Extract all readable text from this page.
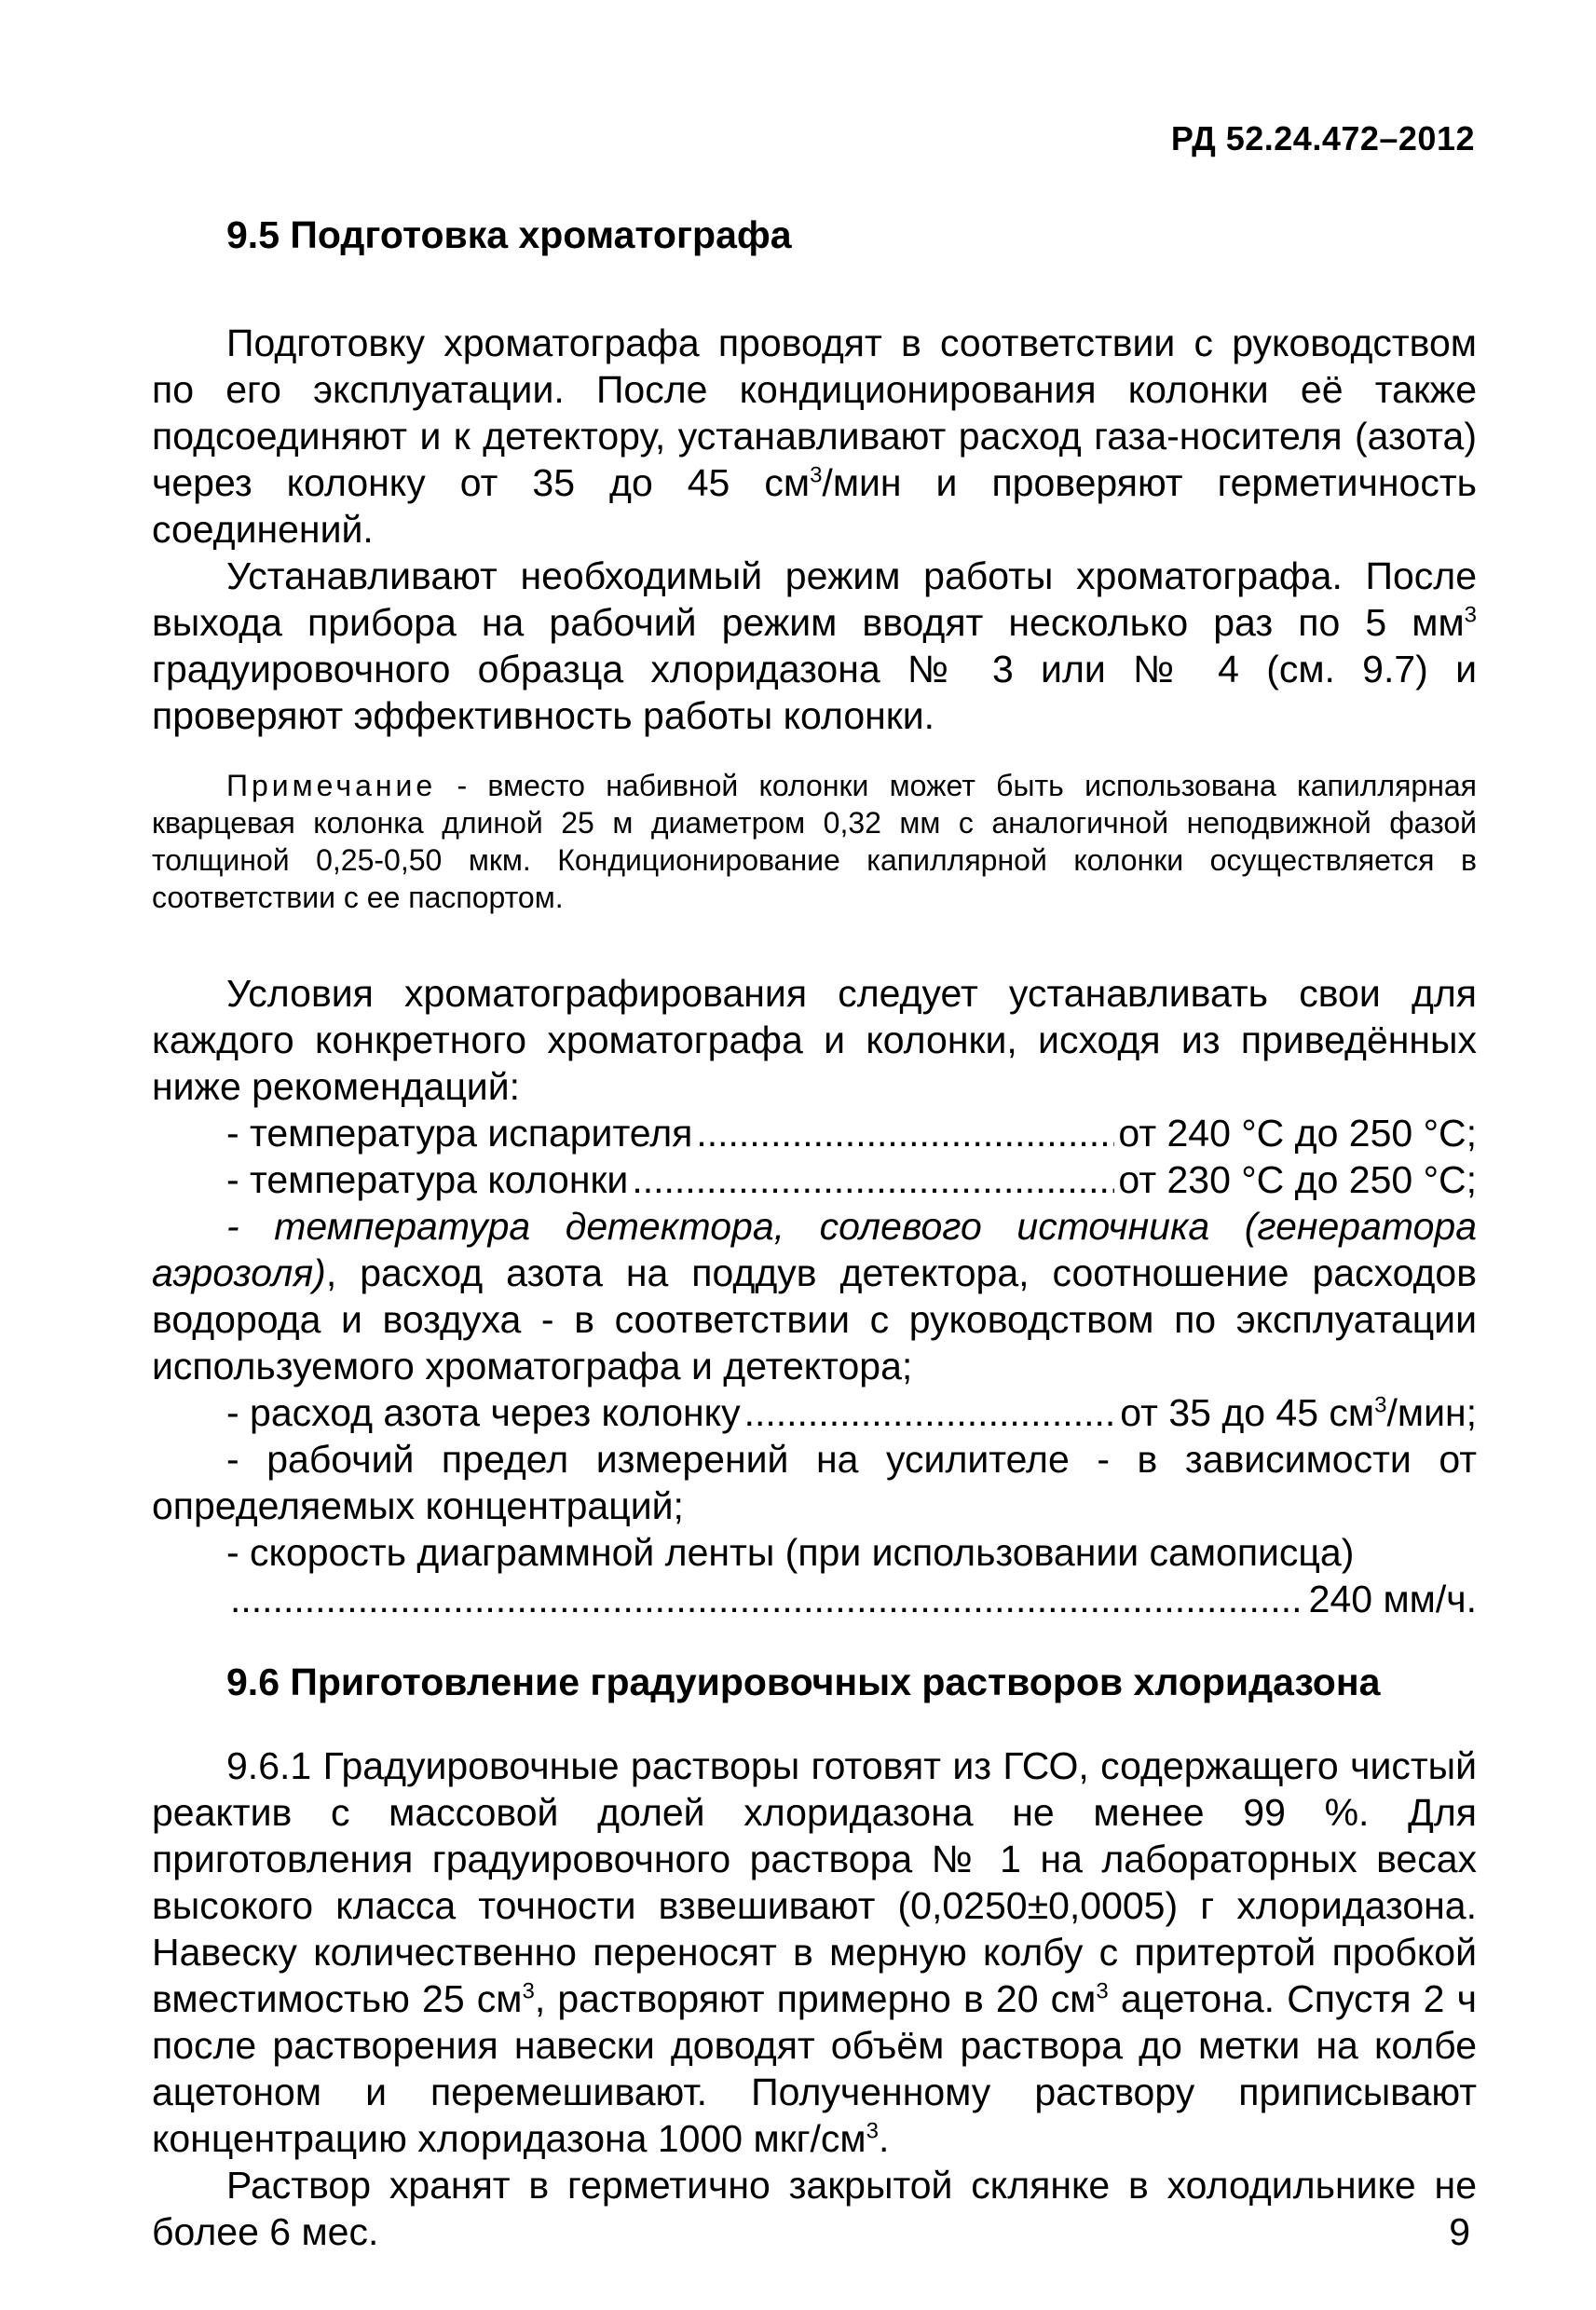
РД 52.24.472–2012
9.5 Подготовка хроматографа

Подготовку хроматографа проводят в соответствии с руководством по его эксплуатации. После кондиционирования колонки её также подсоединяют и к детектору, устанавливают расход газа-носителя (азота) через колонку от 35 до 45 $см^3$/мин и проверяют герметичность соединений.

Устанавливают необходимый режим работы хроматографа. После выхода прибора на рабочий режим вводят несколько раз по 5 $мм^3$ градуировочного образца хлоридазона № 3 или № 4 (см. 9.7) и проверяют эффективность работы колонки.

Примечание - вместо набивной колонки может быть использована капиллярная кварцевая колонка длиной 25 м диаметром 0,32 мм с аналогичной неподвижной фазой толщиной 0,25-0,50 мкм. Кондиционирование капиллярной колонки осуществляется в соответствии с ее паспортом.

Условия хроматографирования следует устанавливать свои для каждого конкретного хроматографа и колонки, исходя из приведённых ниже рекомендаций:

- температура испарителя .....	от 240 °С до 250 °С;
- температура колонки .....	от 230 °С до 250 °С;

- температура детектора, солевого источника (генератора аэрозоля), расход азота на поддув детектора, соотношение расходов водорода и воздуха - в соответствии с руководством по эксплуатации используемого хроматографа и детектора;

- расход азота через колонку .....	от 35 до 45 $см^3$/мин;

- рабочий предел измерений на усилителе - в зависимости от определяемых концентраций;

- скорость диаграммной ленты (при использовании самописца)

.....
240 мм/ч.
9.6 Приготовление градуировочных растворов хлоридазона

9.6.1 Градуировочные растворы готовят из ГСО, содержащего чистый реактив с массовой долей хлоридазона не менее 99 %. Для приготовления градуировочного раствора № 1 на лабораторных весах высокого класса точности взвешивают (0,0250±0,0005) г хлоридазона. Навеску количественно переносят в мерную колбу с притертой пробкой вместимостью 25 $см^3$, растворяют примерно в 20 $см^3$ ацетона. Спустя 2 ч после растворения навески доводят объём раствора до метки на колбе ацетоном и перемешивают. Полученному раствору приписывают концентрацию хлоридазона 1000 мкг/$см^3$.

Раствор хранят в герметично закрытой склянке в холодильнике не более 6 мес.	9
